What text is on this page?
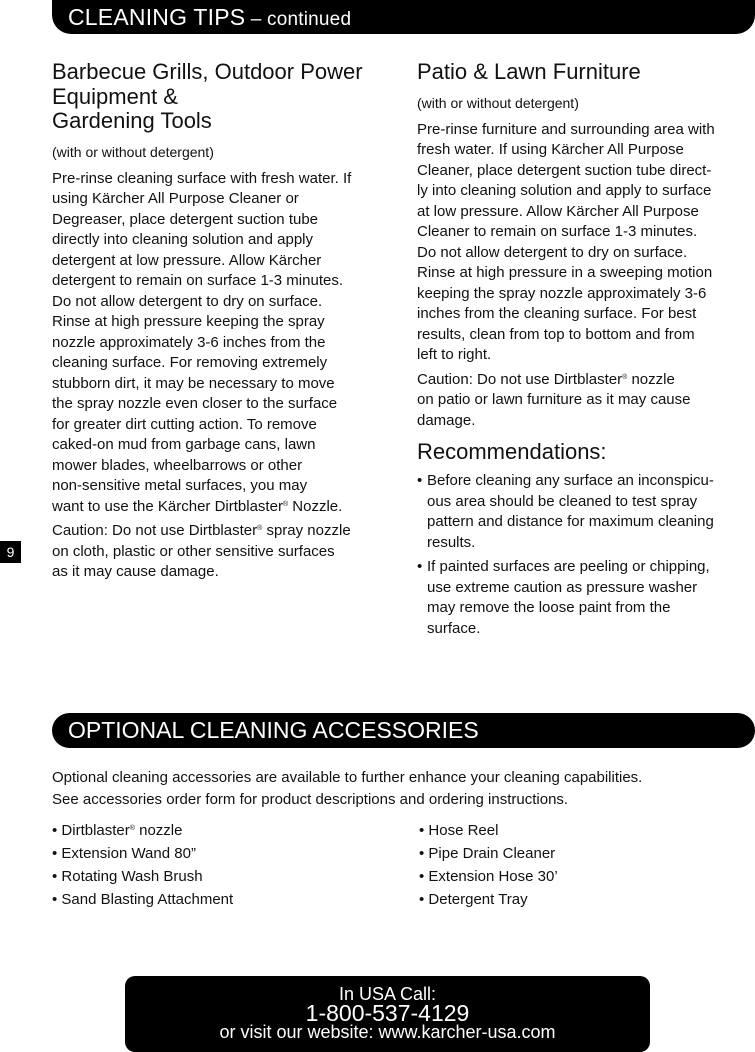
CLEANING TIPS – continued
9
Barbecue Grills, Outdoor Power
Equipment &
Gardening Tools
(with or without detergent)

Pre-rinse cleaning surface with fresh water. If
using Kärcher All Purpose Cleaner or
Degreaser, place detergent suction tube
directly into cleaning solution and apply
detergent at low pressure. Allow Kärcher
detergent to remain on surface 1-3 minutes.
Do not allow detergent to dry on surface.
Rinse at high pressure keeping the spray
nozzle approximately 3-6 inches from the
cleaning surface. For removing extremely
stubborn dirt, it may be necessary to move
the spray nozzle even closer to the surface
for greater dirt cutting action. To remove
caked-on mud from garbage cans, lawn
mower blades, wheelbarrows or other
non-sensitive metal surfaces, you may
want to use the Kärcher Dirtblaster® Nozzle.

Caution: Do not use Dirtblaster® spray nozzle
on cloth, plastic or other sensitive surfaces
as it may cause damage.

Patio & Lawn Furniture
(with or without detergent)

Pre-rinse furniture and surrounding area with
fresh water. If using Kärcher All Purpose
Cleaner, place detergent suction tube direct-
ly into cleaning solution and apply to surface
at low pressure. Allow Kärcher All Purpose
Cleaner to remain on surface 1-3 minutes.
Do not allow detergent to dry on surface.
Rinse at high pressure in a sweeping motion
keeping the spray nozzle approximately 3-6
inches from the cleaning surface. For best
results, clean from top to bottom and from
left to right.

Caution: Do not use Dirtblaster® nozzle
on patio or lawn furniture as it may cause
damage.

Recommendations:
• Before cleaning any surface an inconspicu-
ous area should be cleaned to test spray
pattern and distance for maximum cleaning
results.
• If painted surfaces are peeling or chipping,
use extreme caution as pressure washer
may remove the loose paint from the
surface.
OPTIONAL CLEANING ACCESSORIES
Optional cleaning accessories are available to further enhance your cleaning capabilities.
See accessories order form for product descriptions and ordering instructions.
• Dirtblaster® nozzle
• Extension Wand 80”
• Rotating Wash Brush
• Sand Blasting Attachment
• Hose Reel
• Pipe Drain Cleaner
• Extension Hose 30’
• Detergent Tray
In USA Call:
1-800-537-4129
or visit our website: www.karcher-usa.com
